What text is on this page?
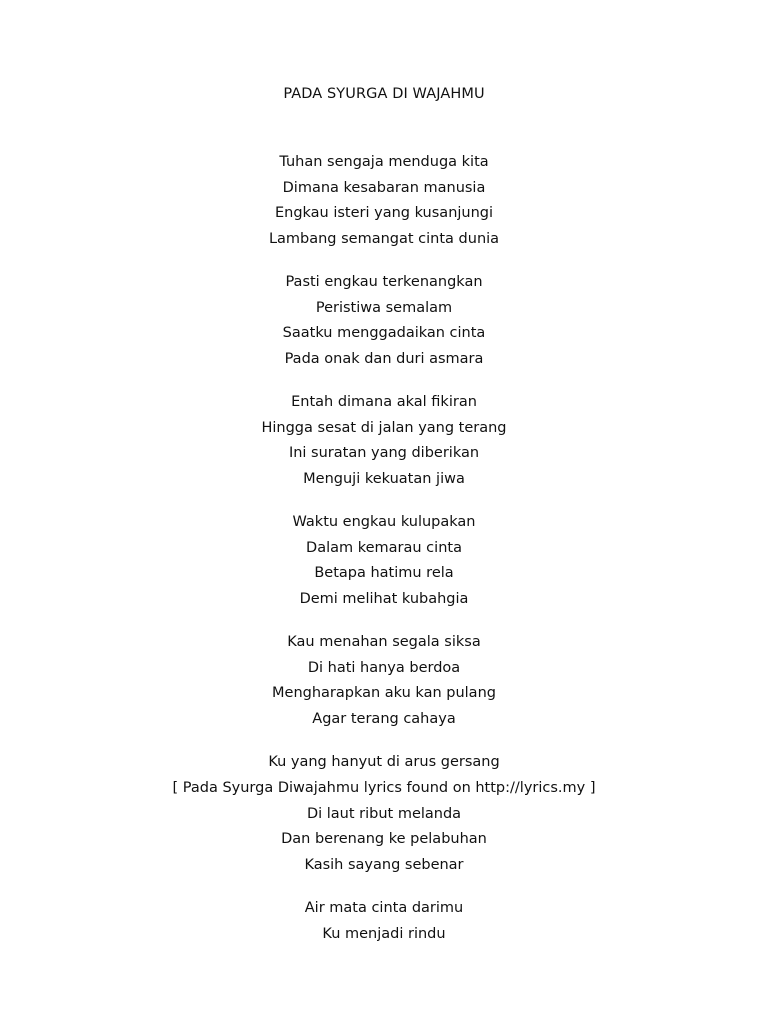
PADA SYURGA DI WAJAHMU
Tuhan sengaja menduga kita
Dimana kesabaran manusia
Engkau isteri yang kusanjungi
Lambang semangat cinta dunia
Pasti engkau terkenangkan
Peristiwa semalam
Saatku menggadaikan cinta
Pada onak dan duri asmara
Entah dimana akal fikiran
Hingga sesat di jalan yang terang
Ini suratan yang diberikan
Menguji kekuatan jiwa
Waktu engkau kulupakan
Dalam kemarau cinta
Betapa hatimu rela
Demi melihat kubahgia
Kau menahan segala siksa
Di hati hanya berdoa
Mengharapkan aku kan pulang
Agar terang cahaya
Ku yang hanyut di arus gersang
[ Pada Syurga Diwajahmu lyrics found on http://lyrics.my ]
Di laut ribut melanda
Dan berenang ke pelabuhan
Kasih sayang sebenar
Air mata cinta darimu
Ku menjadi rindu
